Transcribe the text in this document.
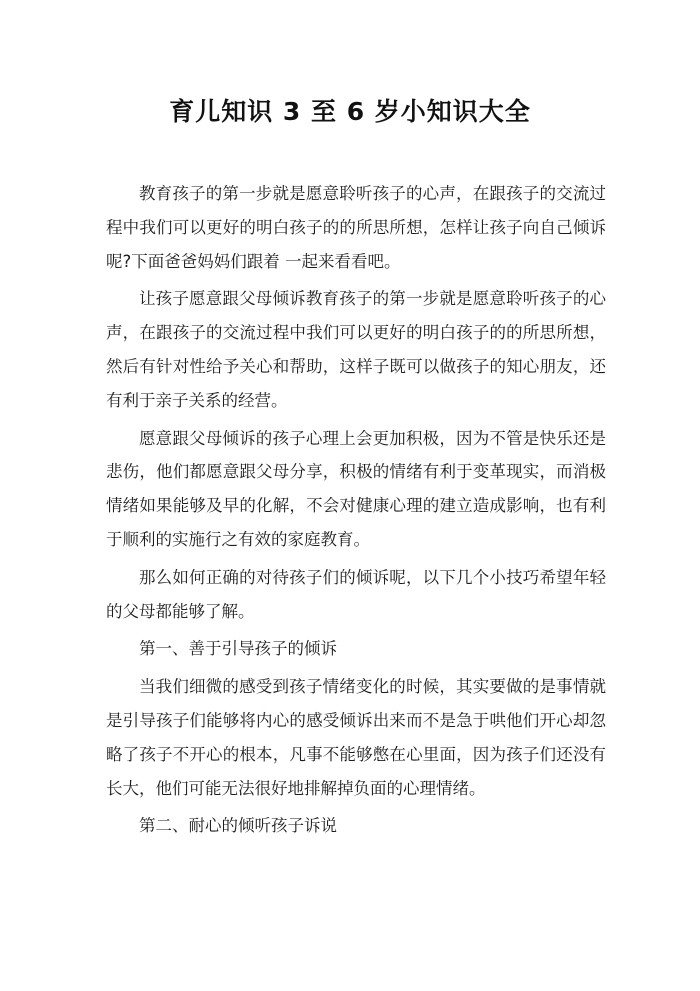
育儿知识 3 至 6 岁小知识大全

教育孩子的第一步就是愿意聆听孩子的心声，在跟孩子的交流过程中我们可以更好的明白孩子的的所思所想，怎样让孩子向自己倾诉呢?下面爸爸妈妈们跟着 一起来看看吧。

让孩子愿意跟父母倾诉教育孩子的第一步就是愿意聆听孩子的心声，在跟孩子的交流过程中我们可以更好的明白孩子的的所思所想，然后有针对性给予关心和帮助，这样子既可以做孩子的知心朋友，还有利于亲子关系的经营。

愿意跟父母倾诉的孩子心理上会更加积极，因为不管是快乐还是悲伤，他们都愿意跟父母分享，积极的情绪有利于变革现实，而消极情绪如果能够及早的化解，不会对健康心理的建立造成影响，也有利于顺利的实施行之有效的家庭教育。

那么如何正确的对待孩子们的倾诉呢，以下几个小技巧希望年轻的父母都能够了解。

第一、善于引导孩子的倾诉

当我们细微的感受到孩子情绪变化的时候，其实要做的是事情就是引导孩子们能够将内心的感受倾诉出来而不是急于哄他们开心却忽略了孩子不开心的根本，凡事不能够憋在心里面，因为孩子们还没有长大，他们可能无法很好地排解掉负面的心理情绪。

第二、耐心的倾听孩子诉说
